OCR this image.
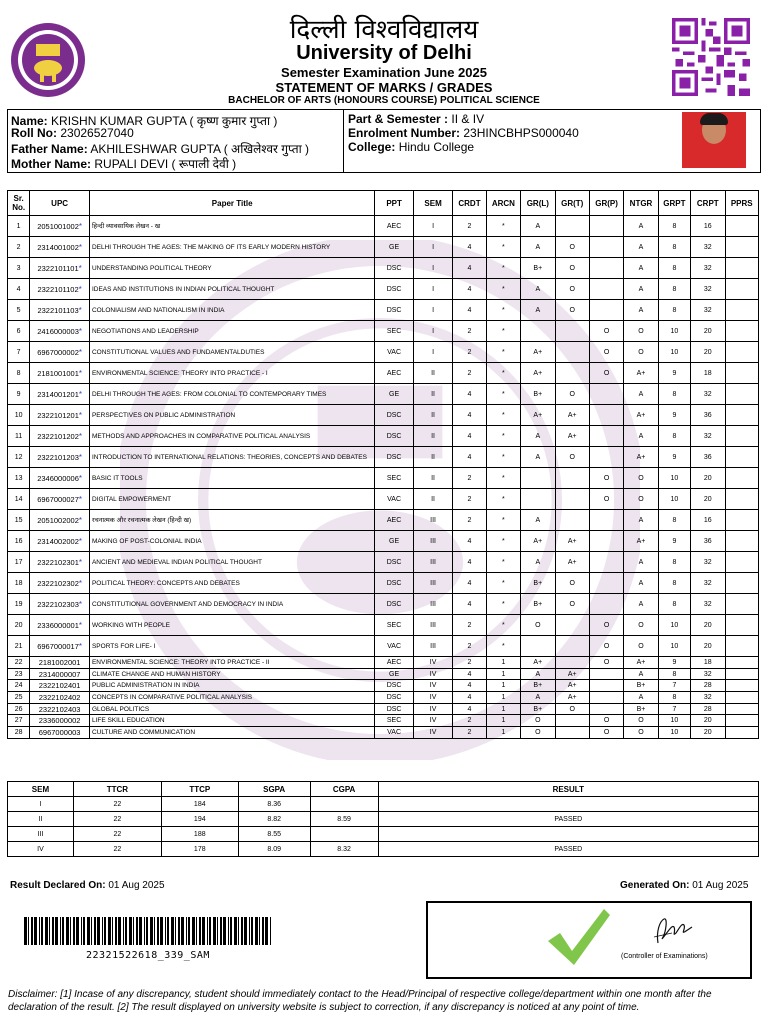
दिल्ली विश्वविद्यालय
University of Delhi
Semester Examination June 2025
STATEMENT OF MARKS / GRADES
BACHELOR OF ARTS (HONOURS COURSE) POLITICAL SCIENCE
Name: KRISHN KUMAR GUPTA ( कृष्ण कुमार गुप्ता )
Roll No: 23026527040
Father Name: AKHILESHWAR GUPTA ( अखिलेश्वर गुप्ता )
Mother Name: RUPALI DEVI ( रूपाली देवी )
Part & Semester : II & IV
Enrolment Number: 23HINCBHPS000040
College: Hindu College
Sr. No.	UPC	Paper Title	PPT	SEM	CRDT	ARCN	GR(L)	GR(T)	GR(P)	NTGR	GRPT	CRPT	PPRS
1	2051001002*	हिन्दी व्यावसायिक लेखन - ख	AEC	I	2	*	A			A	8	16	
2	2314001002*	DELHI THROUGH THE AGES: THE MAKING OF ITS EARLY MODERN HISTORY	GE	I	4	*	A	O		A	8	32	
3	2322101101*	UNDERSTANDING POLITICAL THEORY	DSC	I	4	*	B+	O		A	8	32	
4	2322101102*	IDEAS AND INSTITUTIONS IN INDIAN POLITICAL THOUGHT	DSC	I	4	*	A	O		A	8	32	
5	2322101103*	COLONIALISM AND NATIONALISM IN INDIA	DSC	I	4	*	A	O		A	8	32	
6	2416000003*	NEGOTIATIONS AND LEADERSHIP	SEC	I	2	*			O	O	10	20	
7	6967000002*	CONSTITUTIONAL VALUES AND FUNDAMENTALDUTIES	VAC	I	2	*	A+		O	O	10	20	
8	2181001001*	ENVIRONMENTAL SCIENCE: THEORY INTO PRACTICE - I	AEC	II	2	*	A+		O	A+	9	18	
9	2314001201*	DELHI THROUGH THE AGES: FROM COLONIAL TO CONTEMPORARY TIMES	GE	II	4	*	B+	O		A	8	32	
10	2322101201*	PERSPECTIVES ON PUBLIC ADMINISTRATION	DSC	II	4	*	A+	A+		A+	9	36	
11	2322101202*	METHODS AND APPROACHES IN COMPARATIVE POLITICAL ANALYSIS	DSC	II	4	*	A	A+		A	8	32	
12	2322101203*	INTRODUCTION TO INTERNATIONAL RELATIONS: THEORIES, CONCEPTS AND DEBATES	DSC	II	4	*	A	O		A+	9	36	
13	2346000006*	BASIC IT TOOLS	SEC	II	2	*			O	O	10	20	
14	6967000027*	DIGITAL EMPOWERMENT	VAC	II	2	*			O	O	10	20	
15	2051002002*	रचनात्मक और रचनात्मक लेखन (हिन्दी ख)	AEC	III	2	*	A			A	8	16	
16	2314002002*	MAKING OF POST-COLONIAL INDIA	GE	III	4	*	A+	A+		A+	9	36	
17	2322102301*	ANCIENT AND MEDIEVAL INDIAN POLITICAL THOUGHT	DSC	III	4	*	A	A+		A	8	32	
18	2322102302*	POLITICAL THEORY: CONCEPTS AND DEBATES	DSC	III	4	*	B+	O		A	8	32	
19	2322102303*	CONSTITUTIONAL GOVERNMENT AND DEMOCRACY IN INDIA	DSC	III	4	*	B+	O		A	8	32	
20	2336000001*	WORKING WITH PEOPLE	SEC	III	2	*	O		O	O	10	20	
21	6967000017*	SPORTS FOR LIFE- I	VAC	III	2	*			O	O	10	20	
22	2181002001	ENVIRONMENTAL SCIENCE: THEORY INTO PRACTICE - II	AEC	IV	2	1	A+		O	A+	9	18	
23	2314000007	CLIMATE CHANGE AND HUMAN HISTORY	GE	IV	4	1	A	A+		A	8	32	
24	2322102401	PUBLIC ADMINISTRATION IN INDIA	DSC	IV	4	1	B+	A+		B+	7	28	
25	2322102402	CONCEPTS IN COMPARATIVE POLITICAL ANALYSIS	DSC	IV	4	1	A	A+		A	8	32	
26	2322102403	GLOBAL POLITICS	DSC	IV	4	1	B+	O		B+	7	28	
27	2336000002	LIFE SKILL EDUCATION	SEC	IV	2	1	O		O	O	10	20	
28	6967000003	CULTURE AND COMMUNICATION	VAC	IV	2	1	O		O	O	10	20	
SEM	TTCR	TTCP	SGPA	CGPA	RESULT
I	22	184	8.36		
II	22	194	8.82	8.59	PASSED
III	22	188	8.55		
IV	22	178	8.09	8.32	PASSED
Result Declared On: 01 Aug 2025	Generated On: 01 Aug 2025
22321522618_339_SAM	(Controller of Examinations)
Disclaimer: [1] Incase of any discrepancy, student should immediately contact to the Head/Principal of respective college/department within one month after the declaration of the result. [2] The result displayed on university website is subject to correction, if any discrepancy is noticed at any point of time.
